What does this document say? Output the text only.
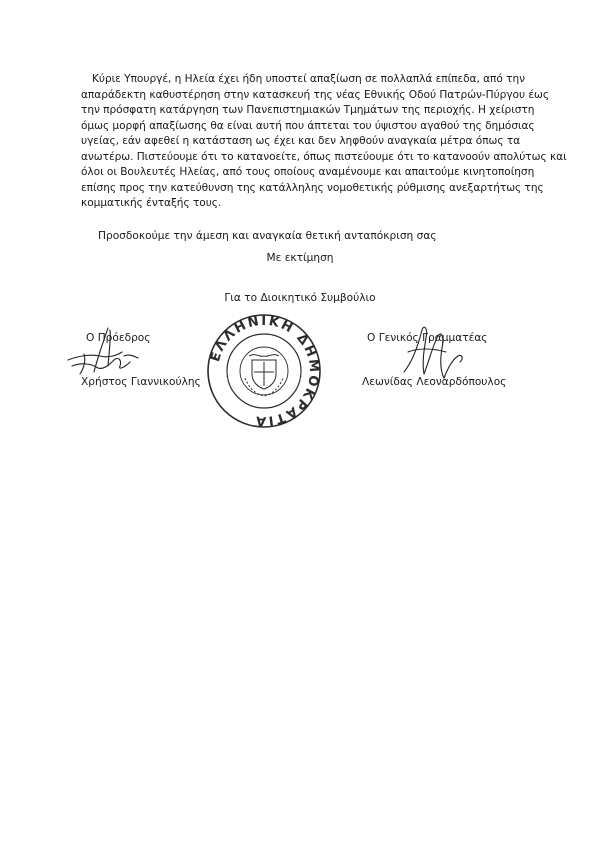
Κύριε Υπουργέ, η Ηλεία έχει ήδη υποστεί απαξίωση σε πολλαπλά επίπεδα, από την
απαράδεκτη καθυστέρηση στην κατασκευή της νέας Εθνικής Οδού Πατρών-Πύργου έως
την πρόσφατη κατάργηση των Πανεπιστημιακών Τμημάτων της περιοχής. Η χείριστη
όμως μορφή απαξίωσης θα είναι αυτή που άπτεται του ύψιστου αγαθού της δημόσιας
υγείας, εάν αφεθεί η κατάσταση ως έχει και δεν ληφθούν αναγκαία μέτρα όπως τα
ανωτέρω. Πιστεύουμε ότι το κατανοείτε, όπως πιστεύουμε ότι το κατανοούν απολύτως και
όλοι οι Βουλευτές Ηλείας, από τους οποίους αναμένουμε και απαιτούμε κινητοποίηση
επίσης προς την κατεύθυνση της κατάλληλης νομοθετικής ρύθμισης ανεξαρτήτως της
κομματικής ένταξής τους.
Προσδοκούμε την άμεση και αναγκαία θετική ανταπόκριση σας
Με εκτίμηση
Για το Διοικητικό Συμβούλιο
Ο Πρόεδρος
Χρήστος Γιαννικούλης
Ο Γενικός Γραμματέας
Λεωνίδας Λεοναρδόπουλος
ΕΛΛΗΝΙΚΗ ΔΗΜΟΚΡΑΤΙΑ
